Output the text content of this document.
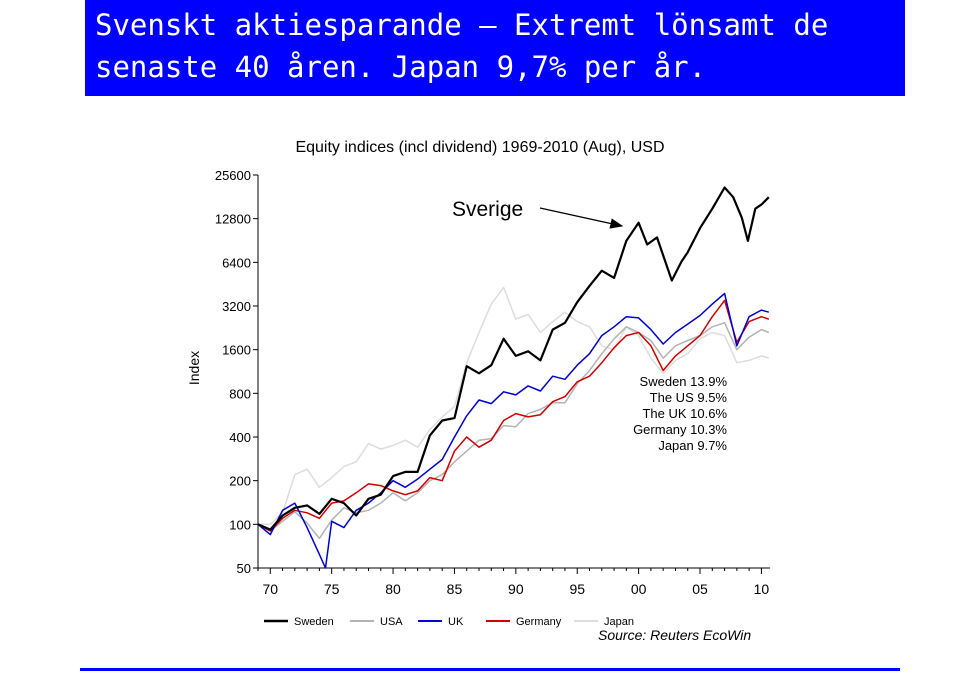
Svenskt aktiesparande – Extremt lönsamt de
senaste 40 åren. Japan 9,7% per år.
Equity indices (incl dividend) 1969-2010 (Aug), USD
Index
50
100
200
400
800
1600
3200
6400
12800
25600
70	75	80	85	90	95	00	05	10
Sverige
Sweden 13.9%
The US 9.5%
The UK 10.6%
Germany 10.3%
Japan 9.7%
Sweden	USA	UK	Germany	Japan
Source: Reuters EcoWin
